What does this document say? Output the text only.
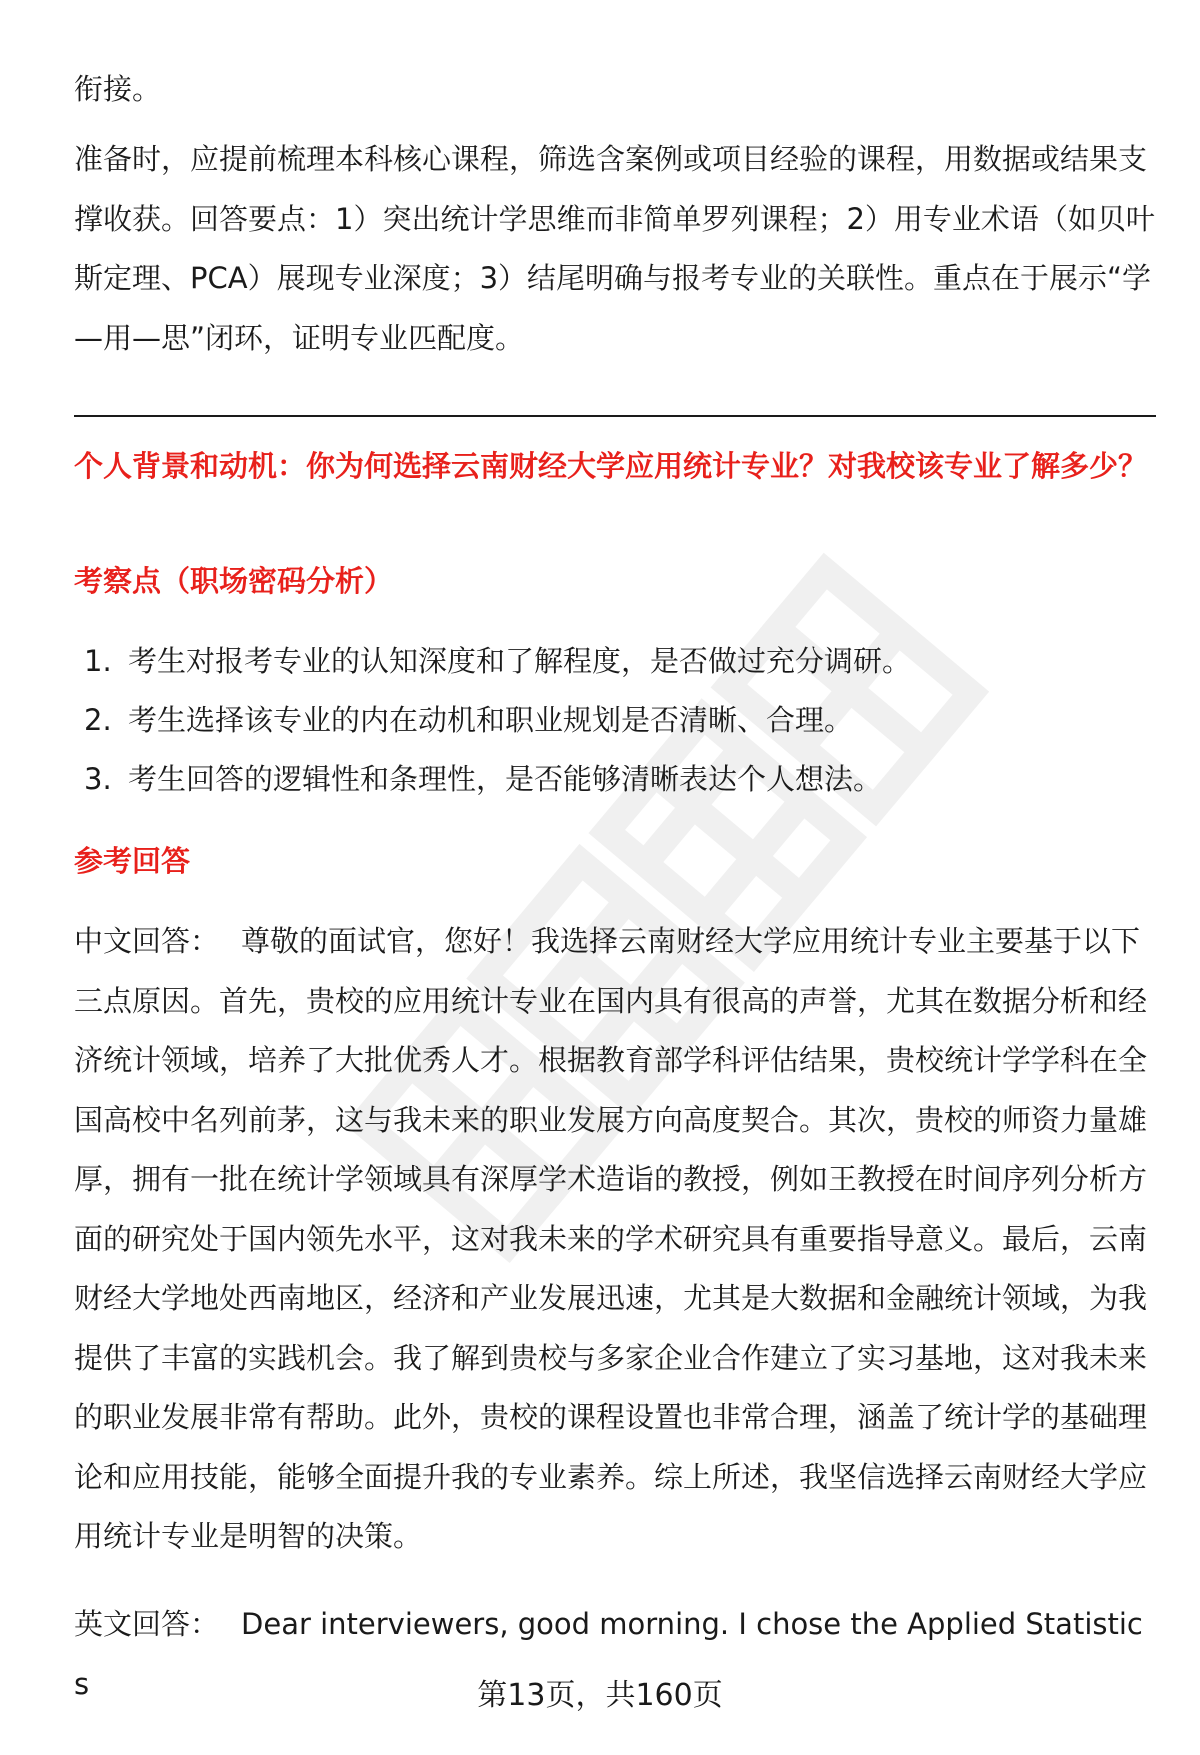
衔接。

准备时，应提前梳理本科核心课程，筛选含案例或项目经验的课程，用数据或结果支撑收获。回答要点：1）突出统计学思维而非简单罗列课程；2）用专业术语（如贝叶斯定理、PCA）展现专业深度；3）结尾明确与报考专业的关联性。重点在于展示“学—用—思”闭环，证明专业匹配度。

个人背景和动机：你为何选择云南财经大学应用统计专业？对我校该专业了解多少？
考察点（职场密码分析）
1. 考生对报考专业的认知深度和了解程度，是否做过充分调研。
2. 考生选择该专业的内在动机和职业规划是否清晰、合理。
3. 考生回答的逻辑性和条理性，是否能够清晰表达个人想法。
参考回答

中文回答： 尊敬的面试官，您好！我选择云南财经大学应用统计专业主要基于以下三点原因。首先，贵校的应用统计专业在国内具有很高的声誉，尤其在数据分析和经济统计领域，培养了大批优秀人才。根据教育部学科评估结果，贵校统计学学科在全国高校中名列前茅，这与我未来的职业发展方向高度契合。其次，贵校的师资力量雄厚，拥有一批在统计学领域具有深厚学术造诣的教授，例如王教授在时间序列分析方面的研究处于国内领先水平，这对我未来的学术研究具有重要指导意义。最后，云南财经大学地处西南地区，经济和产业发展迅速，尤其是大数据和金融统计领域，为我提供了丰富的实践机会。我了解到贵校与多家企业合作建立了实习基地，这对我未来的职业发展非常有帮助。此外，贵校的课程设置也非常合理，涵盖了统计学的基础理论和应用技能，能够全面提升我的专业素养。综上所述，我坚信选择云南财经大学应用统计专业是明智的决策。

英文回答： Dear interviewers, good morning. I chose the Applied Statistics	第13页，共160页
